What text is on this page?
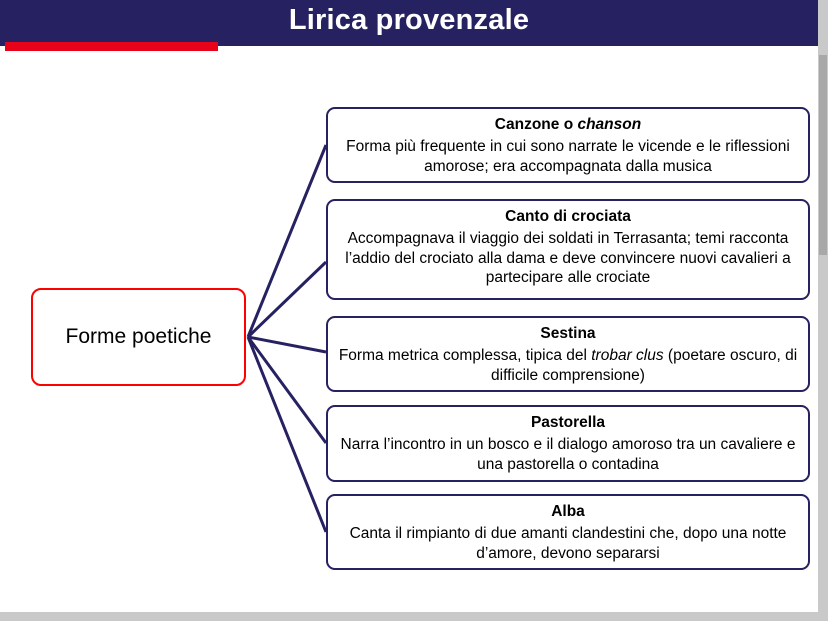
Lirica provenzale
Forme poetiche
Canzone o chanson
Forma più frequente in cui sono narrate le vicende e le riflessioni amorose; era accompagnata dalla musica
Canto di crociata
Accompagnava il viaggio dei soldati in Terrasanta; temi racconta l’addio del crociato alla dama e deve convincere nuovi cavalieri a partecipare alle crociate
Sestina
Forma metrica complessa, tipica del trobar clus (poetare oscuro, di difficile comprensione)
Pastorella
Narra l’incontro in un bosco e il dialogo amoroso tra un cavaliere e una pastorella o contadina
Alba
Canta il rimpianto di due amanti clandestini che, dopo una notte d’amore, devono separarsi
